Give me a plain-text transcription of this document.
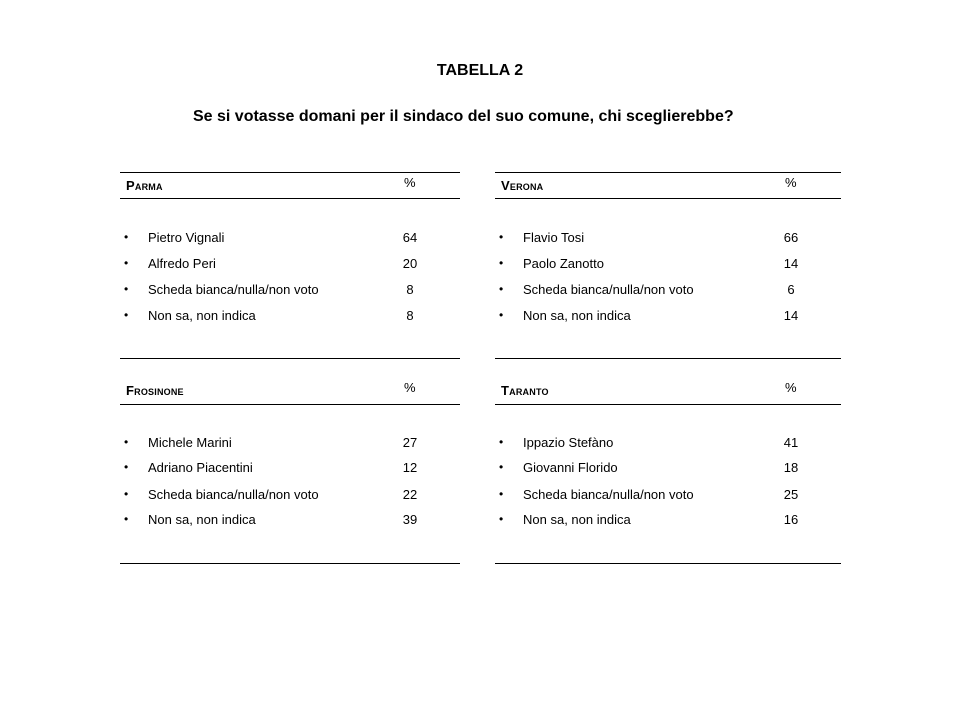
TABELLA 2
Se si votasse domani per il sindaco del suo comune, chi sceglierebbe?
Parma	%
• Pietro Vignali	64
• Alfredo Peri	20
• Scheda bianca/nulla/non voto	8
• Non sa, non indica	8
Verona	%
• Flavio Tosi	66
• Paolo Zanotto	14
• Scheda bianca/nulla/non voto	6
• Non sa, non indica	14
Frosinone	%
• Michele Marini	27
• Adriano Piacentini	12
• Scheda bianca/nulla/non voto	22
• Non sa, non indica	39
Taranto	%
• Ippazio Stefàno	41
• Giovanni Florido	18
• Scheda bianca/nulla/non voto	25
• Non sa, non indica	16
